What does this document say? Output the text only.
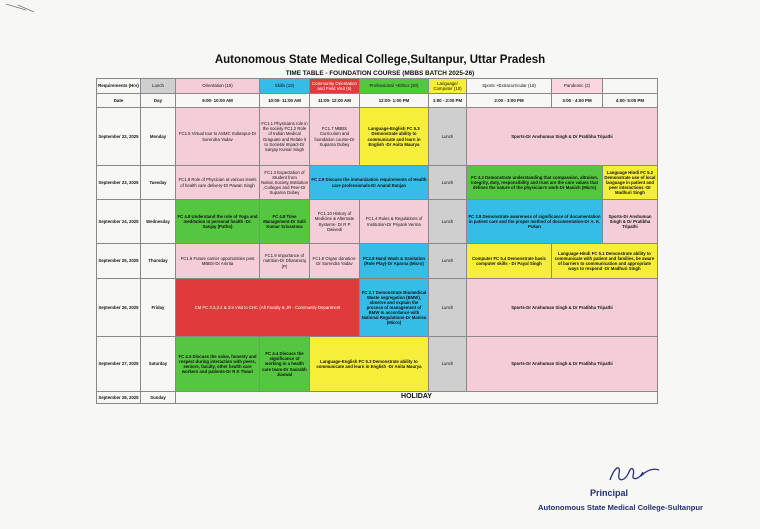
Autonomous State Medical College,Sultanpur, Uttar Pradesh
TIME TABLE - FOUNDATION COURSE (MBBS BATCH 2025-26)
Requirements (Hrs)	Lunch	Orientation (15)	Skills (18)	Community Orientation and Field Visit (5)	Professional +Ethics (20)	Language/ Computer (10)	Sports +Extracurricular (18)	Pandemic (2)	
Date	Day	9:00- 10:00 AM	10:00- 11:00 AM	11:00- 12:00 AM	12:00- 1:00 PM	1:00 - 2:00 PM	2:00 - 3:00 PM	3:00 - 4:00 PM	4:00- 5:00 PM
September 22, 2025	Monday	FC1.5 Virtual tour to ASMC Sultanpur-Dr Surendra Yadav	FC1.1 Physicians role in the society FC1.2 Role of Indian Medical Graguate and Relate it to Societal Impact-Dr Sanjay Kumar Singh	FC1.7 MBBS Curriculum and foundation course-Dr Suparna Dubey	Language-English FC 5.3 Demonstrate ability to communicate and learn in English -Dr Anita Maurya	Lunch	Sports-Dr Anshuman Singh & Dr Pratibha Tripathi		
September 23, 2025	Tuesday	FC1.8 Role of Physician at various levels of health care delivery-Dr Pawan Singh	FC1.3 Expectation of Student from Nation,Society,Institution ,Colleges and Peer-Dr Suparna Dubey	FC 2.9 Discuss the immunization requirements of Health care professionals-Dr Anand Ranjan		Lunch	FC 4.2 Demonstrate understanding that compassion, altruism, integrity, duty, responsibility and trust are the core values that defines the nature of the physician's work-Dr Manish (Micro)		Language Hindi FC 5.2 Demonstrate use of local language in patient and peer interactions -Dr Madhuri Singh
September 24, 2025	Wednesday	FC 4.8 Understand the role of Yoga and meditation in personal health -Dr. Sanjay (Patho)	FC 4.8 Time Management-Dr Salil Kumar Srivastava	FC1.10 History of Medicine & Alternate Systems- Dr R P Dwivedi	FC1.4 Rules & Regulations of Institution-Dr Priyank Verma	Lunch	FC 2.8 Demonstrate awareness of significance of documentation in patient care and the proper method of documentation-Dr A. K. Pukan		Sports-Dr Anshuman Singh & Dr Pratibha Tripathi
September 25, 2025	Thursday	FC1.6 Future carrier opportunities post MBBS-Dr Amrita	FC1.9 Importance of nutrition-Dr Dharamraj (P)	FC1.8 Organ donation-Dr Surendra Yadav	FC2.8 Hand Wash & Sanitation (Role Play)-Dr Aparna (Micro)	Lunch	Computer FC 5.4 Demonstrate basic computer skills - Dr Payal Singh	Language-Hindi FC 5.1 Demonstrate ability to communicate with patient and families, be aware of barriers to communication and appropriate ways to respond -Dr Madhuri Singh	
September 26, 2025	Friday	CM FC 3.3,3.4 & 3.5 Visit to CHC (All Faculty & JR - Community Department			FC 2.7 Demonstrate Biomedical Waste segregation (BMW), observe and explain the process of management of BMW in accordance with National Regulations-Dr Manisa (Micro)	Lunch	Sports-Dr Anshuman Singh & Dr Pratibha Tripathi		
September 27, 2025	Saturday	FC 4.3 Discuss the value, honesty and respect during interaction with peers, seniors, faculty, other health care workers and patients-Dr R K Tiwari	FC 4.4 Discuss the significance of working in a health care team-Dr Saurabh Jiaswal	Language-English FC 5.3 Demonstrate ability to communicate and learn in English -Dr Anita Maurya		Lunch	Sports-Dr Anshuman Singh & Dr Pratibha Tripathi		
September 28, 2025	Sunday	HOLIDAY							
Principal
Autonomous State Medical College-Sultanpur
